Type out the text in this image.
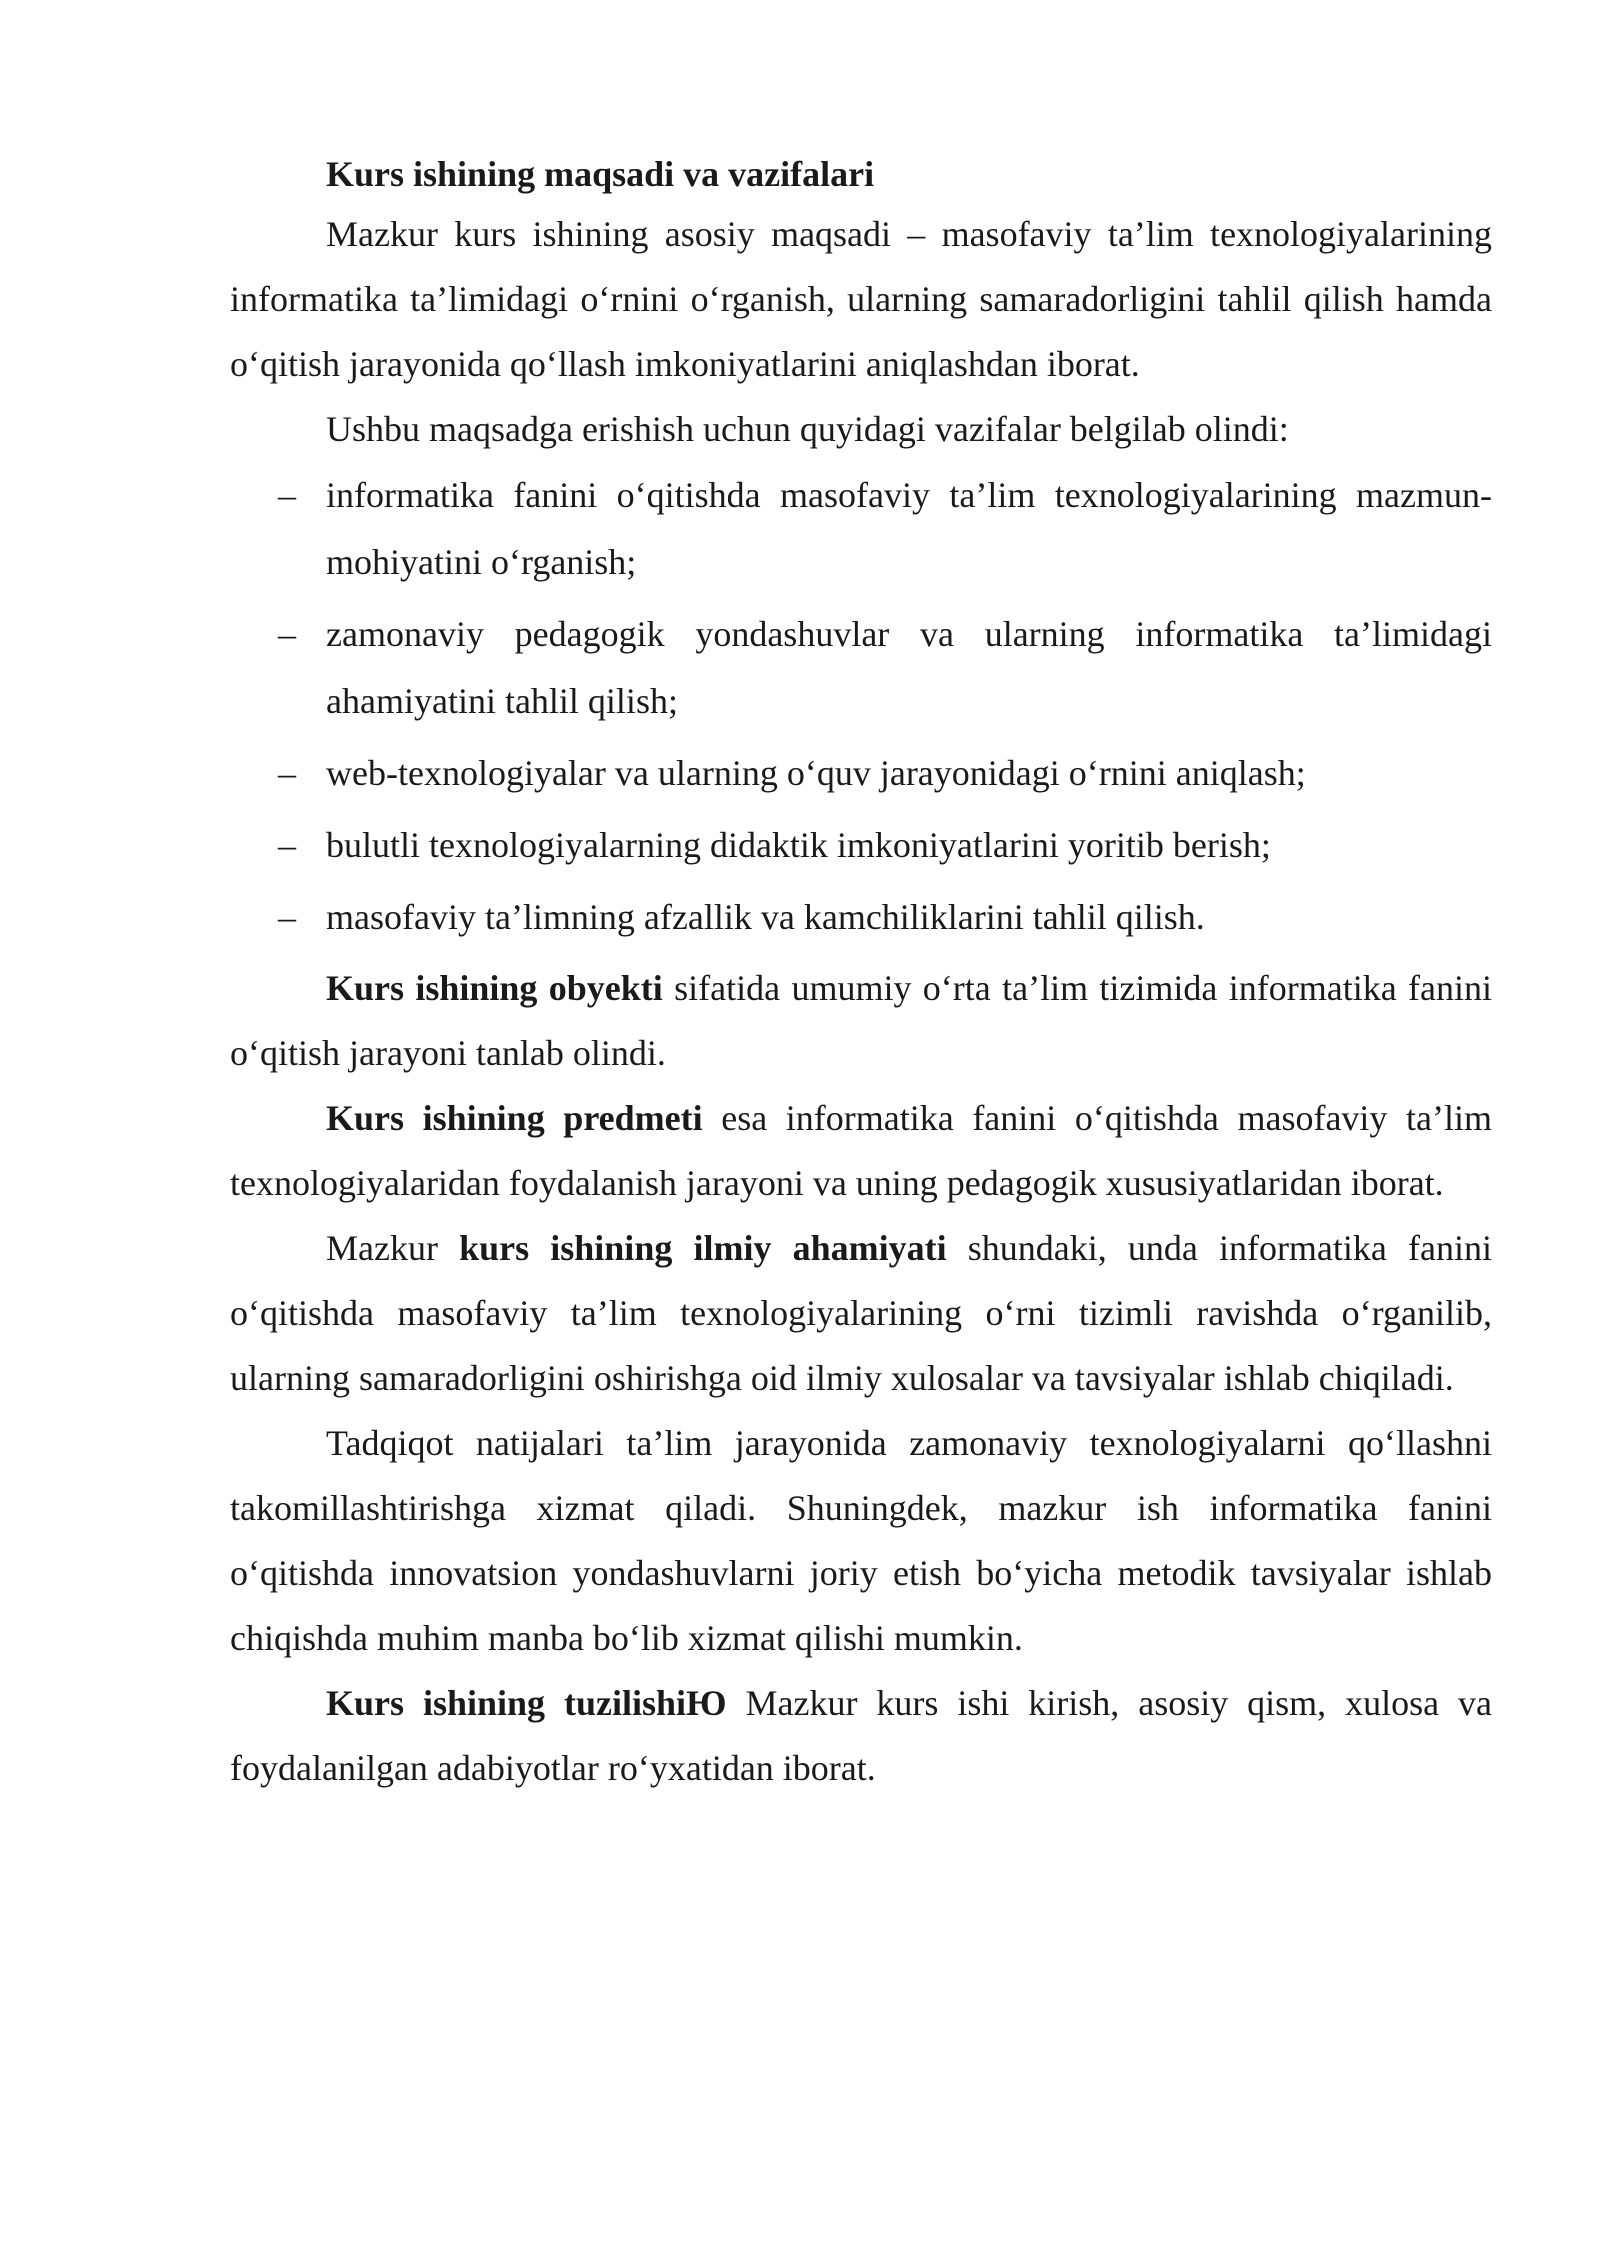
Kurs ishining maqsadi va vazifalari

Mazkur kurs ishining asosiy maqsadi – masofaviy ta’lim texnologiyalarining informatika ta’limidagi o‘rnini o‘rganish, ularning samaradorligini tahlil qilish hamda o‘qitish jarayonida qo‘llash imkoniyatlarini aniqlashdan iborat.

Ushbu maqsadga erishish uchun quyidagi vazifalar belgilab olindi:

– informatika fanini o‘qitishda masofaviy ta’lim texnologiyalarining mazmun-mohiyatini o‘rganish;
– zamonaviy pedagogik yondashuvlar va ularning informatika ta’limidagi ahamiyatini tahlil qilish;
– web-texnologiyalar va ularning o‘quv jarayonidagi o‘rnini aniqlash;
– bulutli texnologiyalarning didaktik imkoniyatlarini yoritib berish;
– masofaviy ta’limning afzallik va kamchiliklarini tahlil qilish.

Kurs ishining obyekti sifatida umumiy o‘rta ta’lim tizimida informatika fanini o‘qitish jarayoni tanlab olindi.

Kurs ishining predmeti esa informatika fanini o‘qitishda masofaviy ta’lim texnologiyalaridan foydalanish jarayoni va uning pedagogik xususiyatlaridan iborat.

Mazkur kurs ishining ilmiy ahamiyati shundaki, unda informatika fanini o‘qitishda masofaviy ta’lim texnologiyalarining o‘rni tizimli ravishda o‘rganilib, ularning samaradorligini oshirishga oid ilmiy xulosalar va tavsiyalar ishlab chiqiladi.

Tadqiqot natijalari ta’lim jarayonida zamonaviy texnologiyalarni qo‘llashni takomillashtirishga xizmat qiladi. Shuningdek, mazkur ish informatika fanini o‘qitishda innovatsion yondashuvlarni joriy etish bo‘yicha metodik tavsiyalar ishlab chiqishda muhim manba bo‘lib xizmat qilishi mumkin.

Kurs ishining tuzilishiЮ Mazkur kurs ishi kirish, asosiy qism, xulosa va foydalanilgan adabiyotlar ro‘yxatidan iborat.
